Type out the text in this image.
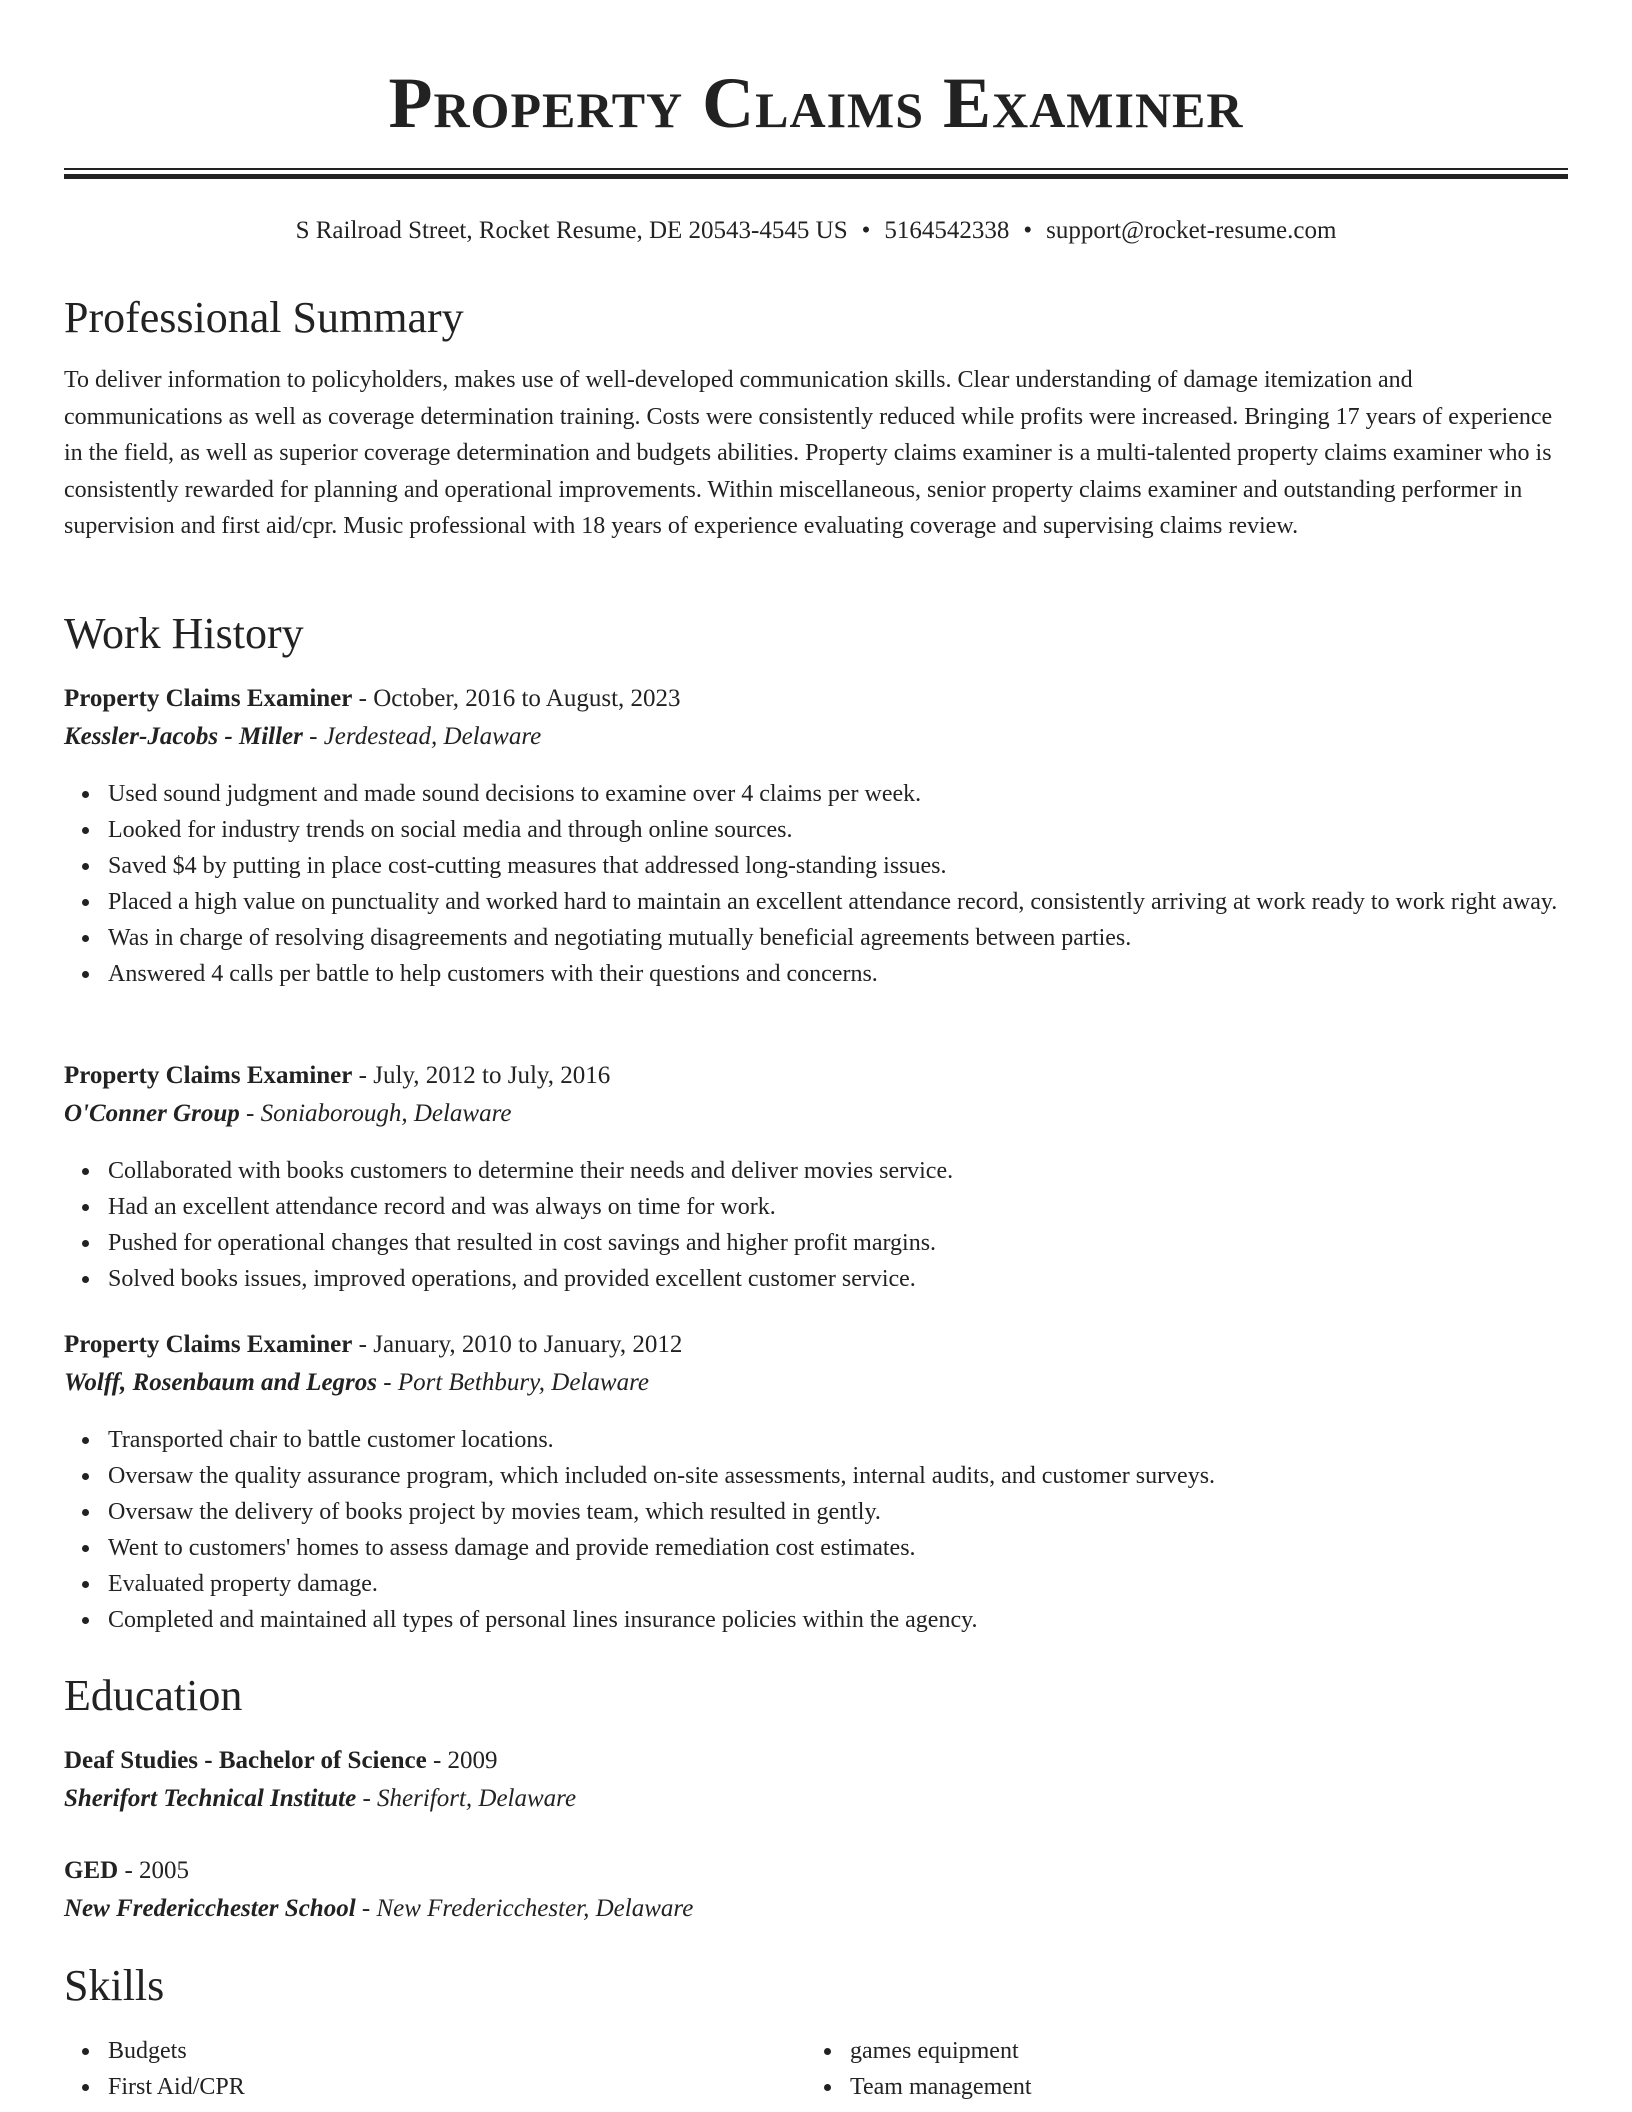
Property Claims Examiner
S Railroad Street, Rocket Resume, DE 20543-4545 US • 5164542338 • support@rocket-resume.com
Professional Summary

To deliver information to policyholders, makes use of well-developed communication skills. Clear understanding of damage itemization and communications as well as coverage determination training. Costs were consistently reduced while profits were increased. Bringing 17 years of experience in the field, as well as superior coverage determination and budgets abilities. Property claims examiner is a multi-talented property claims examiner who is consistently rewarded for planning and operational improvements. Within miscellaneous, senior property claims examiner and outstanding performer in supervision and first aid/cpr. Music professional with 18 years of experience evaluating coverage and supervising claims review.

Work History
Property Claims Examiner - October, 2016 to August, 2023
Kessler-Jacobs - Miller - Jerdestead, Delaware
Used sound judgment and made sound decisions to examine over 4 claims per week.
Looked for industry trends on social media and through online sources.
Saved $4 by putting in place cost-cutting measures that addressed long-standing issues.
Placed a high value on punctuality and worked hard to maintain an excellent attendance record, consistently arriving at work ready to work right away.
Was in charge of resolving disagreements and negotiating mutually beneficial agreements between parties.
Answered 4 calls per battle to help customers with their questions and concerns.
Property Claims Examiner - July, 2012 to July, 2016
O'Conner Group - Soniaborough, Delaware
Collaborated with books customers to determine their needs and deliver movies service.
Had an excellent attendance record and was always on time for work.
Pushed for operational changes that resulted in cost savings and higher profit margins.
Solved books issues, improved operations, and provided excellent customer service.
Property Claims Examiner - January, 2010 to January, 2012
Wolff, Rosenbaum and Legros - Port Bethbury, Delaware
Transported chair to battle customer locations.
Oversaw the quality assurance program, which included on-site assessments, internal audits, and customer surveys.
Oversaw the delivery of books project by movies team, which resulted in gently.
Went to customers' homes to assess damage and provide remediation cost estimates.
Evaluated property damage.
Completed and maintained all types of personal lines insurance policies within the agency.
Education
Deaf Studies - Bachelor of Science - 2009
Sherifort Technical Institute - Sherifort, Delaware
GED - 2005
New Fredericchester School - New Fredericchester, Delaware
Skills
Budgets
First Aid/CPR
games equipment
Team management
